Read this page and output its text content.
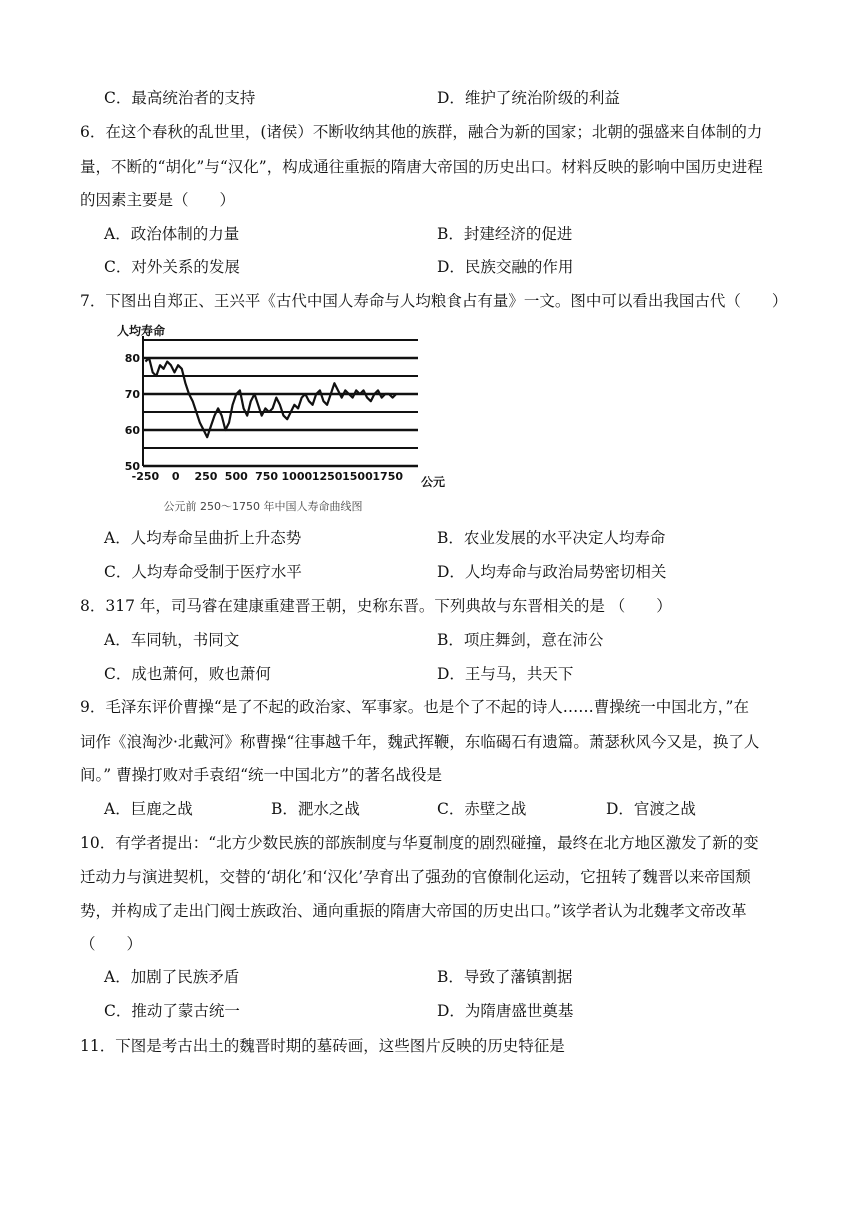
C．最高统治者的支持	D．维护了统治阶级的利益
6．在这个春秋的乱世里，(诸侯）不断收纳其他的族群，融合为新的国家；北朝的强盛来自体制的力
量，不断的“胡化”与“汉化”，构成通往重振的隋唐大帝国的历史出口。材料反映的影响中国历史进程
的因素主要是（　　）
A．政治体制的力量	B．封建经济的促进
C．对外关系的发展	D．民族交融的作用
7．下图出自郑正、王兴平《古代中国人寿命与人均粮食占有量》一文。图中可以看出我国古代（　　）
人均寿命
80
70
60
50
-250 0 250 500 750 1000 1250 1500 1750 公元
公元前 250～1750 年中国人寿命曲线图
A．人均寿命呈曲折上升态势	B．农业发展的水平决定人均寿命
C．人均寿命受制于医疗水平	D．人均寿命与政治局势密切相关
8．317 年，司马睿在建康重建晋王朝，史称东晋。下列典故与东晋相关的是 （　　）
A．车同轨，书同文	B．项庄舞剑，意在沛公
C．成也萧何，败也萧何	D．王与马，共天下
9．毛泽东评价曹操“是了不起的政治家、军事家。也是个了不起的诗人……曹操统一中国北方，”在
词作《浪淘沙·北戴河》称曹操“往事越千年，魏武挥鞭，东临碣石有遗篇。萧瑟秋风今又是，换了人
间。” 曹操打败对手袁绍“统一中国北方”的著名战役是
A．巨鹿之战	B．淝水之战	C．赤壁之战	D．官渡之战
10．有学者提出：“北方少数民族的部族制度与华夏制度的剧烈碰撞，最终在北方地区激发了新的变
迁动力与演进契机，交替的‘胡化’和‘汉化’孕育出了强劲的官僚制化运动，它扭转了魏晋以来帝国颓
势，并构成了走出门阀士族政治、通向重振的隋唐大帝国的历史出口。”该学者认为北魏孝文帝改革
（　　）
A．加剧了民族矛盾	B．导致了藩镇割据
C．推动了蒙古统一	D．为隋唐盛世奠基
11．下图是考古出土的魏晋时期的墓砖画，这些图片反映的历史特征是
